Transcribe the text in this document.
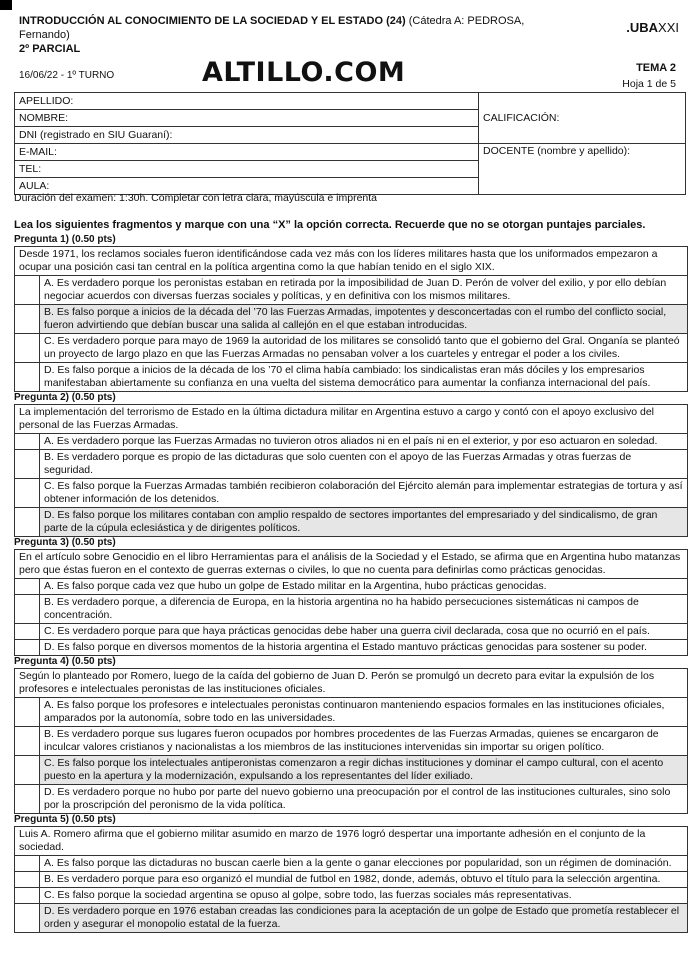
INTRODUCCIÓN AL CONOCIMIENTO DE LA SOCIEDAD Y EL ESTADO (24) (Cátedra A: PEDROSA, Fernando)
2º PARCIAL
.UBAXXI
16/06/22 - 1º TURNO	ALTILLO.COM	TEMA 2
Hoja 1 de 5
APELLIDO:	CALIFICACIÓN:
NOMBRE:	
DNI (registrado en SIU Guaraní):	
E-MAIL:	DOCENTE (nombre y apellido):
TEL:	
AULA:	
Duración del examen: 1:30h. Completar con letra clara, mayúscula e imprenta
Lea los siguientes fragmentos y marque con una “X” la opción correcta. Recuerde que no se otorgan puntajes parciales.
Pregunta 1) (0.50 pts)
Desde 1971, los reclamos sociales fueron identificándose cada vez más con los líderes militares hasta que los uniformados empezaron a ocupar una posición casi tan central en la política argentina como la que habían tenido en el siglo XIX.
A. Es verdadero porque los peronistas estaban en retirada por la imposibilidad de Juan D. Perón de volver del exilio, y por ello debían negociar acuerdos con diversas fuerzas sociales y políticas, y en definitiva con los mismos militares.
B. Es falso porque a inicios de la década del ’70 las Fuerzas Armadas, impotentes y desconcertadas con el rumbo del conflicto social, fueron advirtiendo que debían buscar una salida al callejón en el que estaban introducidas.
C. Es verdadero porque para mayo de 1969 la autoridad de los militares se consolidó tanto que el gobierno del Gral. Onganía se planteó un proyecto de largo plazo en que las Fuerzas Armadas no pensaban volver a los cuarteles y entregar el poder a los civiles.
D. Es falso porque a inicios de la década de los ’70 el clima había cambiado: los sindicalistas eran más dóciles y los empresarios manifestaban abiertamente su confianza en una vuelta del sistema democrático para aumentar la confianza internacional del país.
Pregunta 2) (0.50 pts)
La implementación del terrorismo de Estado en la última dictadura militar en Argentina estuvo a cargo y contó con el apoyo exclusivo del personal de las Fuerzas Armadas.
A. Es verdadero porque las Fuerzas Armadas no tuvieron otros aliados ni en el país ni en el exterior, y por eso actuaron en soledad.
B. Es verdadero porque es propio de las dictaduras que solo cuenten con el apoyo de las Fuerzas Armadas y otras fuerzas de seguridad.
C. Es falso porque la Fuerzas Armadas también recibieron colaboración del Ejército alemán para implementar estrategias de tortura y así obtener información de los detenidos.
D. Es falso porque los militares contaban con amplio respaldo de sectores importantes del empresariado y del sindicalismo, de gran parte de la cúpula eclesiástica y de dirigentes políticos.
Pregunta 3) (0.50 pts)
En el artículo sobre Genocidio en el libro Herramientas para el análisis de la Sociedad y el Estado, se afirma que en Argentina hubo matanzas pero que éstas fueron en el contexto de guerras externas o civiles, lo que no cuenta para definirlas como prácticas genocidas.
A. Es falso porque cada vez que hubo un golpe de Estado militar en la Argentina, hubo prácticas genocidas.
B. Es verdadero porque, a diferencia de Europa, en la historia argentina no ha habido persecuciones sistemáticas ni campos de concentración.
C. Es verdadero porque para que haya prácticas genocidas debe haber una guerra civil declarada, cosa que no ocurrió en el país.
D. Es falso porque en diversos momentos de la historia argentina el Estado mantuvo prácticas genocidas para sostener su poder.
Pregunta 4) (0.50 pts)
Según lo planteado por Romero, luego de la caída del gobierno de Juan D. Perón se promulgó un decreto para evitar la expulsión de los profesores e intelectuales peronistas de las instituciones oficiales.
A. Es falso porque los profesores e intelectuales peronistas continuaron manteniendo espacios formales en las instituciones oficiales, amparados por la autonomía, sobre todo en las universidades.
B. Es verdadero porque sus lugares fueron ocupados por hombres procedentes de las Fuerzas Armadas, quienes se encargaron de inculcar valores cristianos y nacionalistas a los miembros de las instituciones intervenidas sin importar su origen político.
C. Es falso porque los intelectuales antiperonistas comenzaron a regir dichas instituciones y dominar el campo cultural, con el acento puesto en la apertura y la modernización, expulsando a los representantes del líder exiliado.
D. Es verdadero porque no hubo por parte del nuevo gobierno una preocupación por el control de las instituciones culturales, sino solo por la proscripción del peronismo de la vida política.
Pregunta 5) (0.50 pts)
Luis A. Romero afirma que el gobierno militar asumido en marzo de 1976 logró despertar una importante adhesión en el conjunto de la sociedad.
A. Es falso porque las dictaduras no buscan caerle bien a la gente o ganar elecciones por popularidad, son un régimen de dominación.
B. Es verdadero porque para eso organizó el mundial de futbol en 1982, donde, además, obtuvo el título para la selección argentina.
C. Es falso porque la sociedad argentina se opuso al golpe, sobre todo, las fuerzas sociales más representativas.
D. Es verdadero porque en 1976 estaban creadas las condiciones para la aceptación de un golpe de Estado que prometía restablecer el orden y asegurar el monopolio estatal de la fuerza.
